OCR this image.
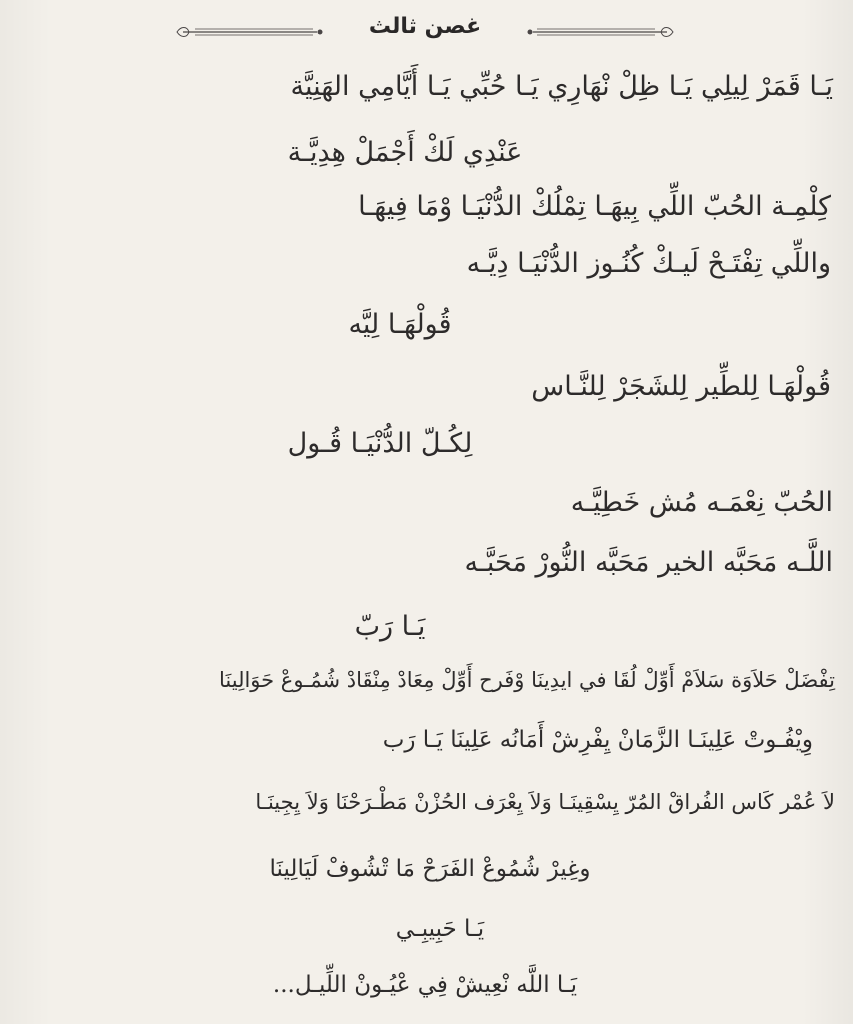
غصن ثالث
يَـا قَمَرْ لِيلِي يَـا ظِلْ نْهَارِي يَـا حُبِّي يَـا أَيَّامِي الهَنِيَّة
عَنْدِي لَكْ أَجْمَلْ هِدِيَّـة
كِلْمِـة الحُبّ اللِّي بِيهَـا تِمْلُكْ الدُّنْيَـا وْمَا فِيهَـا
واللِّي تِفْتَـحْ لَيـكْ كُنُـوز الدُّنْيَـا دِيَّـه
قُولْهَـا لِيَّه
قُولْهَـا لِلطِّير لِلشَجَرْ لِلنَّـاس
لِكُـلّ الدُّنْيَـا قُـول
الحُبّ نِعْمَـه مُش خَطِيَّـه
اللَّـه مَحَبَّه الخير مَحَبَّه النُّورْ مَحَبَّـه
يَـا رَبّ
تِفْضَلْ حَلاَوَة سَلاَمْ أَوِّلْ لُقَا في ايدِينَا وْفَرح أَوِّلْ مِعَادْ مِنْقَادْ شُمُـوعْ حَوَالِينَا
وِيْفُـوتْ عَلِينَـا الزَّمَانْ يِفْرِشْ أَمَانُه عَلِينَا يَـا رَب
لاَ عُمْر كَاس الفُراقْ المُرّ يِسْقِينَـا وَلاَ يِعْرَف الحُزْنْ مَطْـرَحْنَا وَلاَ يِجِينَـا
وغِيرْ شُمُوعْ الفَرَحْ مَا تْشُوفْ لَيَالِينَا
يَـا حَبِيبِـي
يَـا اللَّه نْعِيشْ فِي عْيُـونْ اللِّيـل...
